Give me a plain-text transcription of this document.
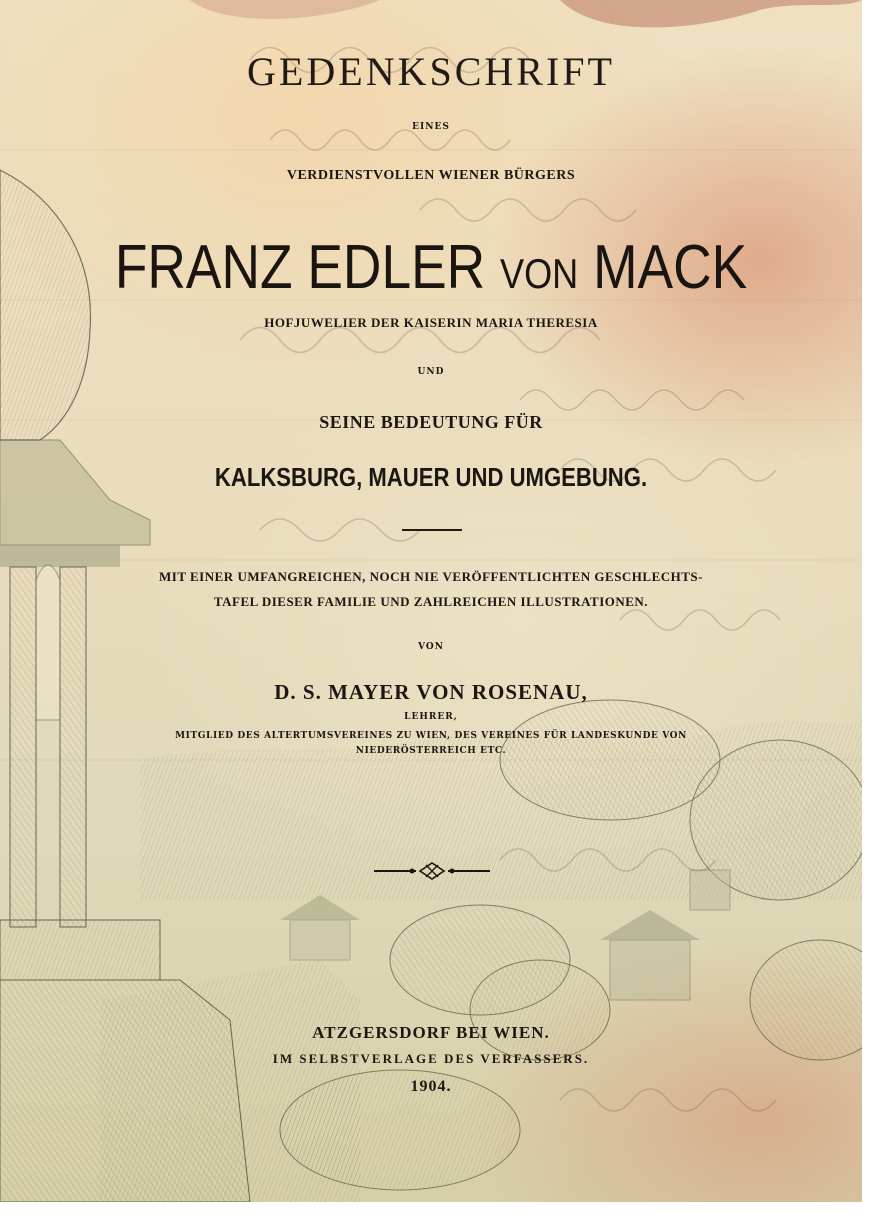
GEDENKSCHRIFT
EINES
VERDIENSTVOLLEN WIENER BÜRGERS
FRANZ EDLER VON MACK
HOFJUWELIER DER KAISERIN MARIA THERESIA
UND
SEINE BEDEUTUNG FÜR
KALKSBURG, MAUER UND UMGEBUNG.
MIT EINER UMFANGREICHEN, NOCH NIE VERÖFFENTLICHTEN GESCHLECHTS-
TAFEL DIESER FAMILIE UND ZAHLREICHEN ILLUSTRATIONEN.
VON
D. S. MAYER VON ROSENAU,
LEHRER,
MITGLIED DES ALTERTUMSVEREINES ZU WIEN, DES VEREINES FÜR LANDESKUNDE VON
NIEDERÖSTERREICH ETC.
ATZGERSDORF BEI WIEN.
IM SELBSTVERLAGE DES VERFASSERS.
1904.
